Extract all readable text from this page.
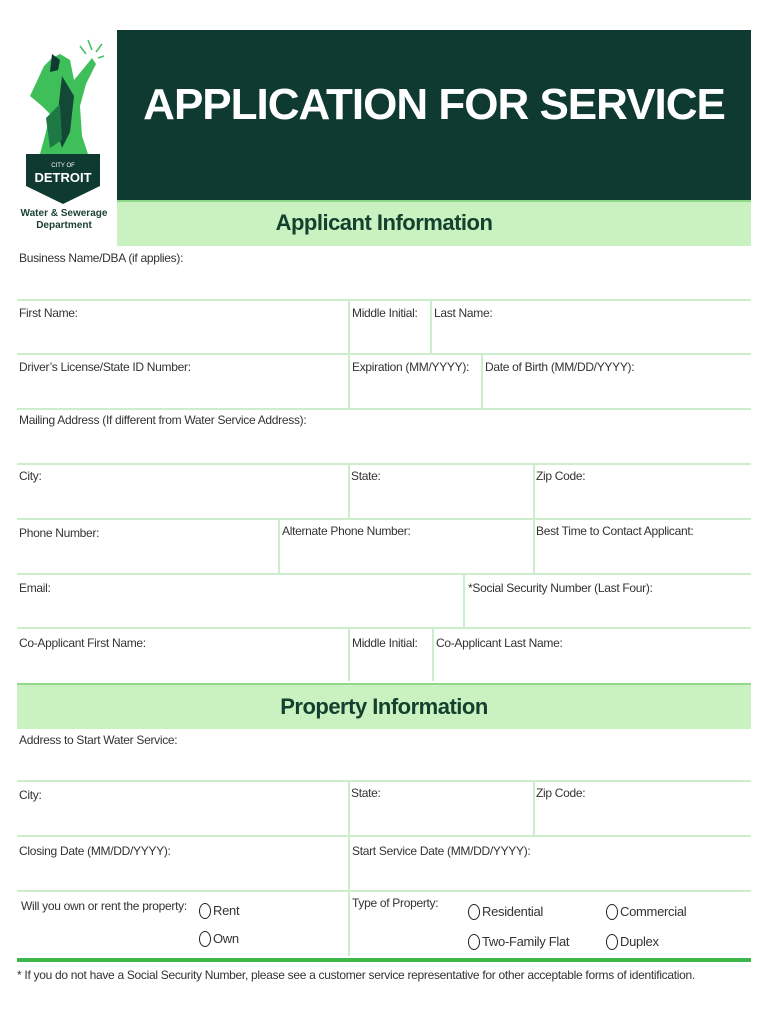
CITY OF
DETROIT
Water & Sewerage
Department
APPLICATION FOR SERVICE
Applicant Information
Business Name/DBA (if applies):
First Name:	Middle Initial: Last Name:
Driver’s License/State ID Number:	Expiration (MM/YYYY): Date of Birth (MM/DD/YYYY):
Mailing Address (If different from Water Service Address):
City:	State:	Zip Code:
Phone Number:	Alternate Phone Number:	Best Time to Contact Applicant:
Email:	*Social Security Number (Last Four):
Co-Applicant First Name:	Middle Initial: Co-Applicant Last Name:
Property Information
Address to Start Water Service:
City:	State:	Zip Code:
Closing Date (MM/DD/YYYY):	Start Service Date (MM/DD/YYYY):
Will you own or rent the property:	Type of Property:
Rent
Own
Residential	Commercial
Two-Family Flat	Duplex
* If you do not have a Social Security Number, please see a customer service representative for other acceptable forms of identification.
